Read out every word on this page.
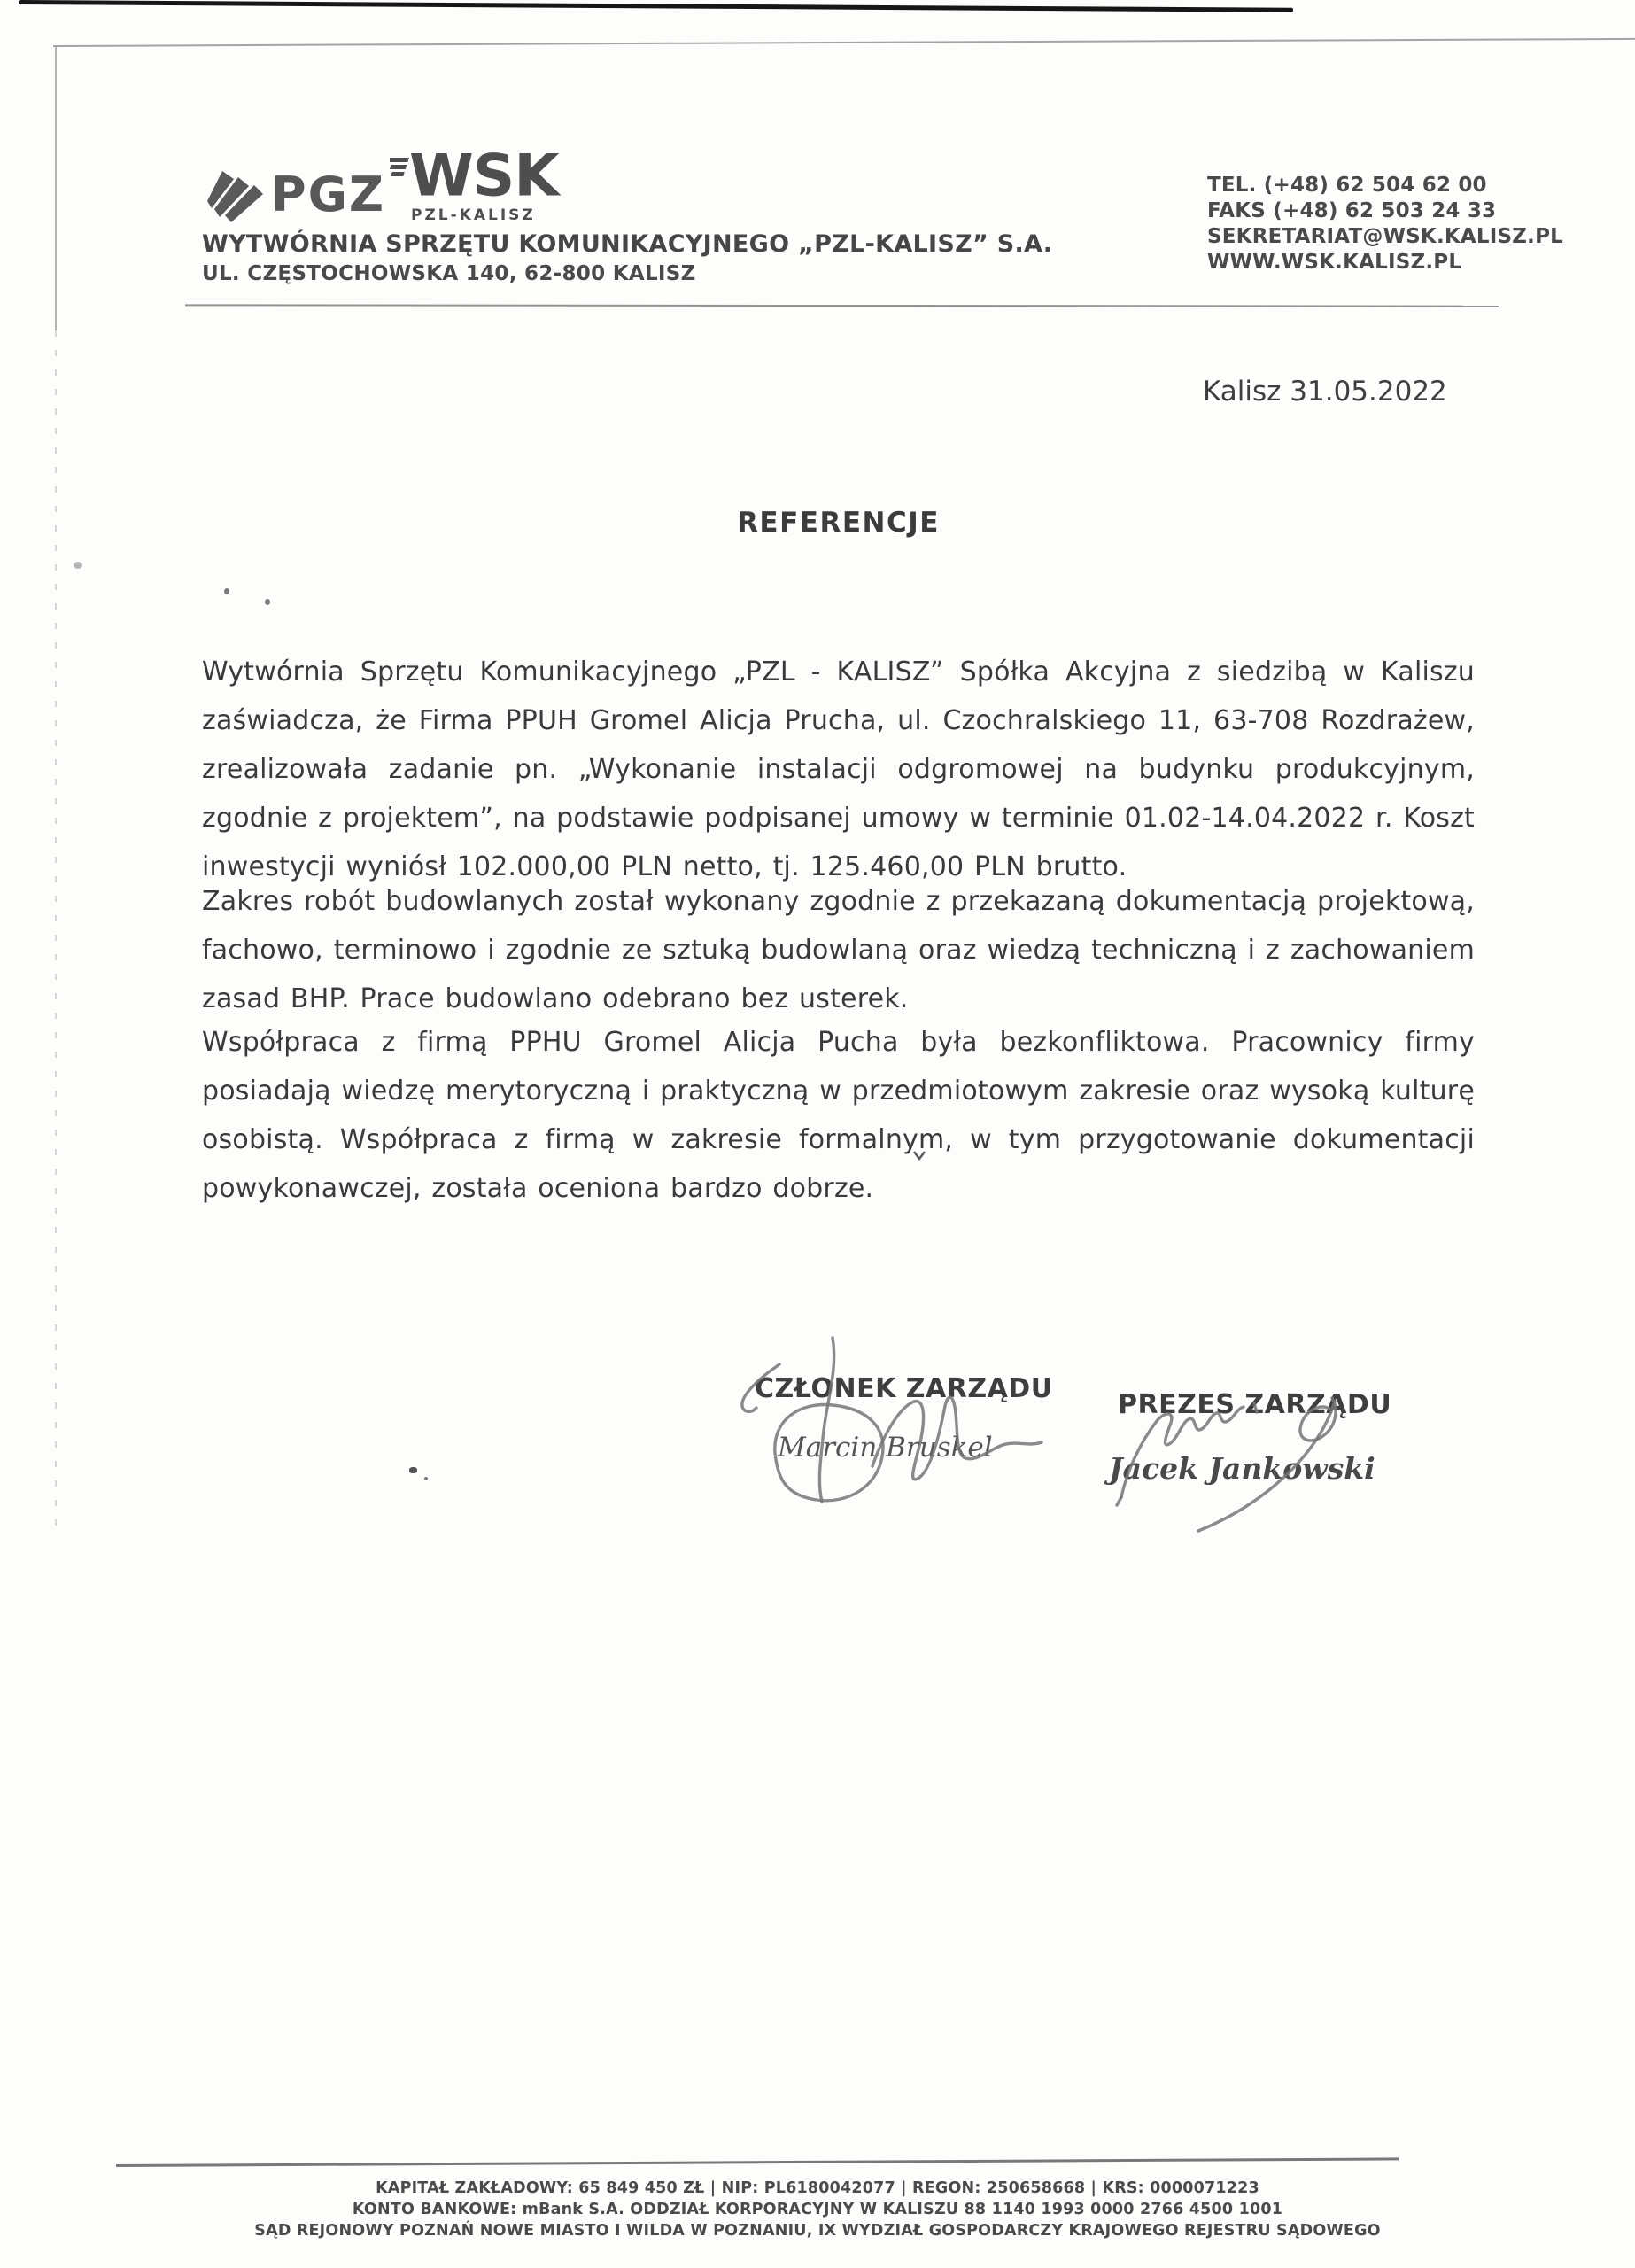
PGZ WSK
PZL-KALISZ
WYTWÓRNIA SPRZĘTU KOMUNIKACYJNEGO „PZL-KALISZ” S.A.
UL. CZĘSTOCHOWSKA 140, 62-800 KALISZ
TEL. (+48) 62 504 62 00
FAKS (+48) 62 503 24 33
SEKRETARIAT@WSK.KALISZ.PL
WWW.WSK.KALISZ.PL
Kalisz 31.05.2022
REFERENCJE
Wytwórnia Sprzętu Komunikacyjnego „PZL - KALISZ” Spółka Akcyjna z siedzibą w Kaliszu zaświadcza, że Firma PPUH Gromel Alicja Prucha, ul. Czochralskiego 11, 63-708 Rozdrażew, zrealizowała zadanie pn. „Wykonanie instalacji odgromowej na budynku produkcyjnym, zgodnie z projektem”, na podstawie podpisanej umowy w terminie 01.02-14.04.2022 r. Koszt inwestycji wyniósł 102.000,00 PLN netto, tj. 125.460,00 PLN brutto.
Zakres robót budowlanych został wykonany zgodnie z przekazaną dokumentacją projektową, fachowo, terminowo i zgodnie ze sztuką budowlaną oraz wiedzą techniczną i z zachowaniem zasad BHP. Prace budowlano odebrano bez usterek.
Współpraca z firmą PPHU Gromel Alicja Pucha była bezkonfliktowa. Pracownicy firmy posiadają wiedzę merytoryczną i praktyczną w przedmiotowym zakresie oraz wysoką kulturę osobistą. Współpraca z firmą w zakresie formalnym, w tym przygotowanie dokumentacji powykonawczej, została oceniona bardzo dobrze.
CZŁONEK ZARZĄDU
Marcin Bruskel
PREZES ZARZĄDU
Jacek Jankowski
KAPITAŁ ZAKŁADOWY: 65 849 450 ZŁ | NIP: PL6180042077 | REGON: 250658668 | KRS: 0000071223
KONTO BANKOWE: mBank S.A. ODDZIAŁ KORPORACYJNY W KALISZU 88 1140 1993 0000 2766 4500 1001
SĄD REJONOWY POZNAŃ NOWE MIASTO I WILDA W POZNANIU, IX WYDZIAŁ GOSPODARCZY KRAJOWEGO REJESTRU SĄDOWEGO
